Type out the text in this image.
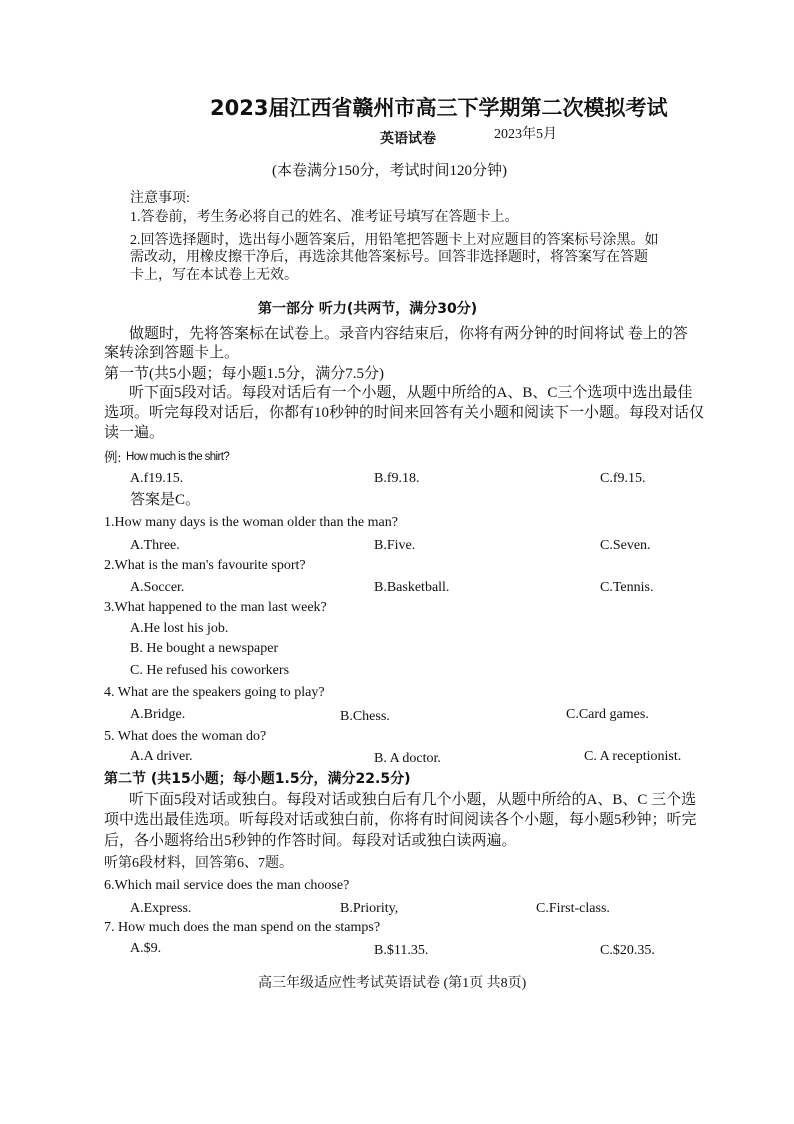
2023届江西省赣州市高三下学期第二次模拟考试
英语试卷	2023年5月
(本卷满分150分，考试时间120分钟)
注意事项:
1.答卷前，考生务必将自己的姓名、准考证号填写在答题卡上。
2.回答选择题时，选出每小题答案后，用铅笔把答题卡上对应题目的答案标号涂黑。如
需改动，用橡皮擦干净后，再选涂其他答案标号。回答非选择题时，将答案写在答题
卡上，写在本试卷上无效。
第一部分 听力(共两节，满分30分)
做题时，先将答案标在试卷上。录音内容结束后，你将有两分钟的时间将试 卷上的答
案转涂到答题卡上。
第一节(共5小题；每小题1.5分，满分7.5分)
听下面5段对话。每段对话后有一个小题，从题中所给的A、B、C三个选项中选出最佳
选项。听完每段对话后，你都有10秒钟的时间来回答有关小题和阅读下一小题。每段对话仅
读一遍。
例: How much is the shirt?
A.f19.15.	B.f9.18.	C.f9.15.
答案是C。
1.How many days is the woman older than the man?
A.Three.	B.Five.	C.Seven.
2.What is the man's favourite sport?
A.Soccer.	B.Basketball.	C.Tennis.
3.What happened to the man last week?
A.He lost his job.
B. He bought a newspaper
C. He refused his coworkers
4. What are the speakers going to play?
A.Bridge.	B.Chess.	C.Card games.
5. What does the woman do?
A.A driver.	B. A doctor.	C. A receptionist.
第二节 (共15小题；每小题1.5分，满分22.5分)
听下面5段对话或独白。每段对话或独白后有几个小题，从题中所给的A、B、C 三个选
项中选出最佳选项。听每段对话或独白前，你将有时间阅读各个小题，每小题5秒钟；听完
后，各小题将给出5秒钟的作答时间。每段对话或独白读两遍。
听第6段材料，回答第6、7题。
6.Which mail service does the man choose?
A.Express.	B.Priority,	C.First-class.
7. How much does the man spend on the stamps?
A.$9.	B.$11.35.	C.$20.35.
高三年级适应性考试英语试卷 (第1页 共8页)
